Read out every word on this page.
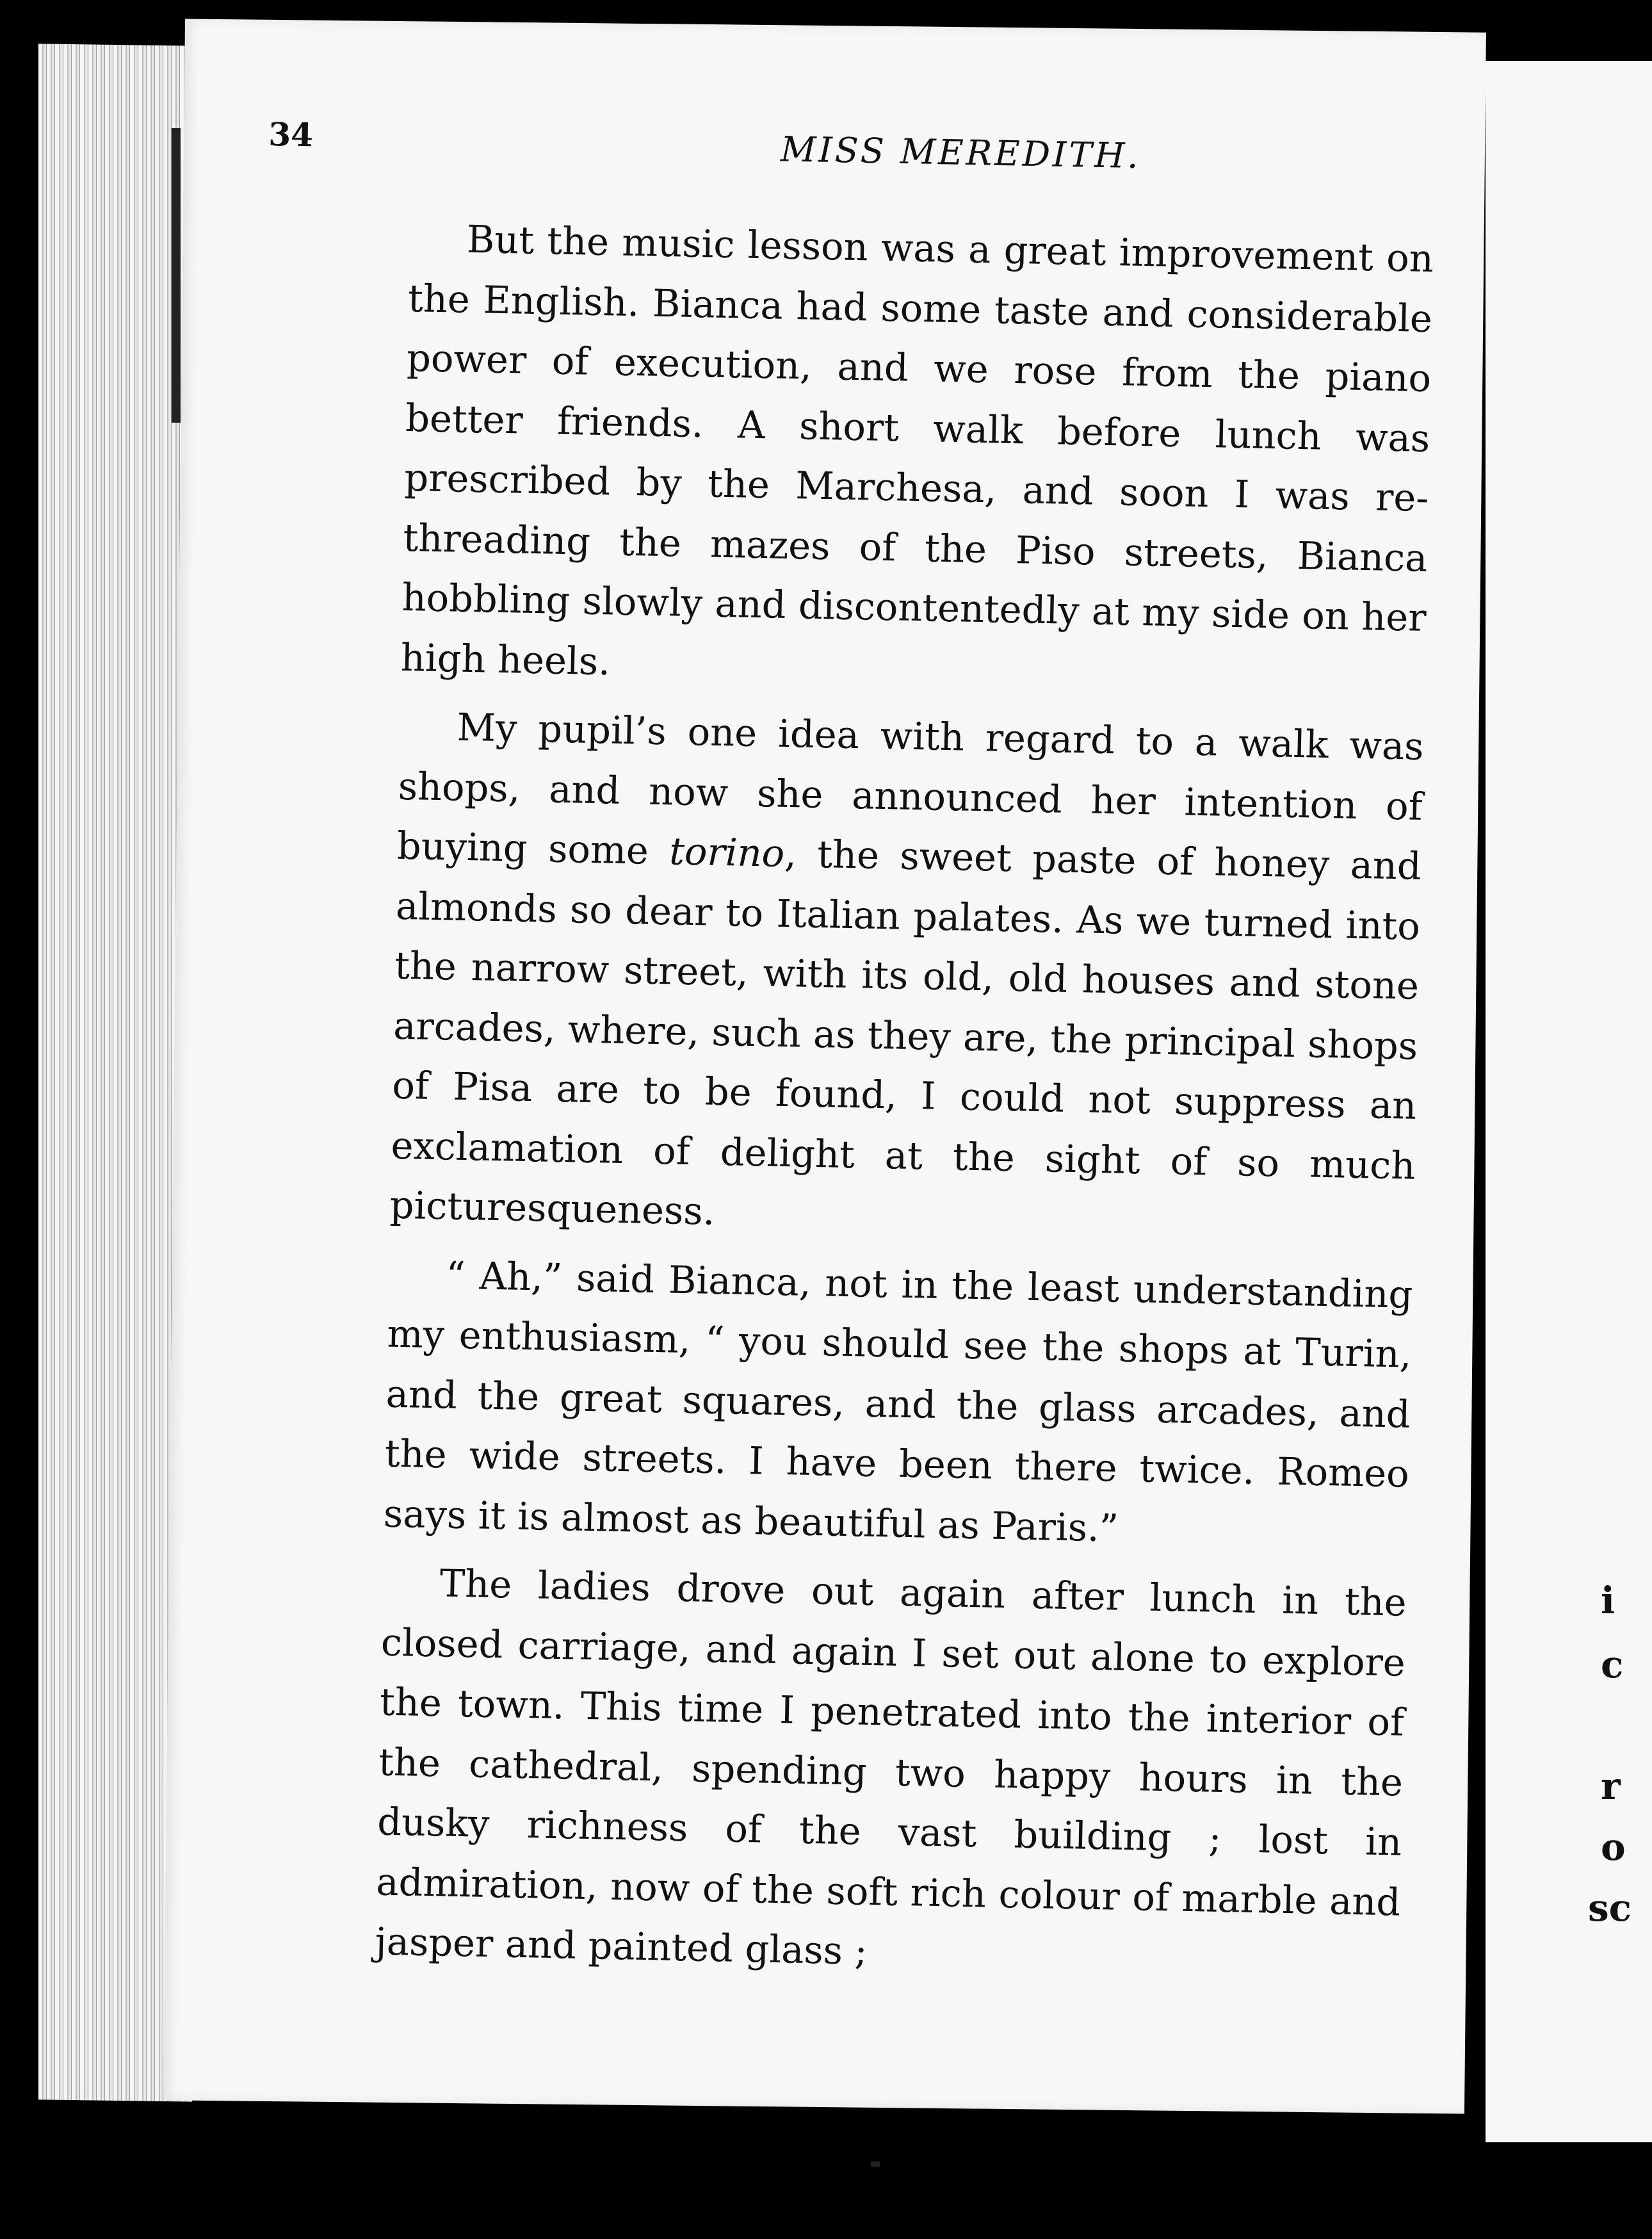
i
c
r
o
sc
34	MISS MEREDITH.

But the music lesson was a great improvement on the English. Bianca had some taste and considerable power of execution, and we rose from the piano better friends. A short walk before lunch was prescribed by the Marchesa, and soon I was re-threading the mazes of the Piso streets, Bianca hobbling slowly and discontentedly at my side on her high heels.

My pupil’s one idea with regard to a walk was shops, and now she announced her intention of buying some torino, the sweet paste of honey and almonds so dear to Italian palates. As we turned into the narrow street, with its old, old houses and stone arcades, where, such as they are, the principal shops of Pisa are to be found, I could not suppress an exclamation of delight at the sight of so much picturesqueness.

“ Ah,” said Bianca, not in the least understanding my enthusiasm, “ you should see the shops at Turin, and the great squares, and the glass arcades, and the wide streets. I have been there twice. Romeo says it is almost as beautiful as Paris.”

The ladies drove out again after lunch in the closed carriage, and again I set out alone to explore the town. This time I penetrated into the interior of the cathedral, spending two happy hours in the dusky richness of the vast building ; lost in admiration, now of the soft rich colour of marble and jasper and painted glass ;
